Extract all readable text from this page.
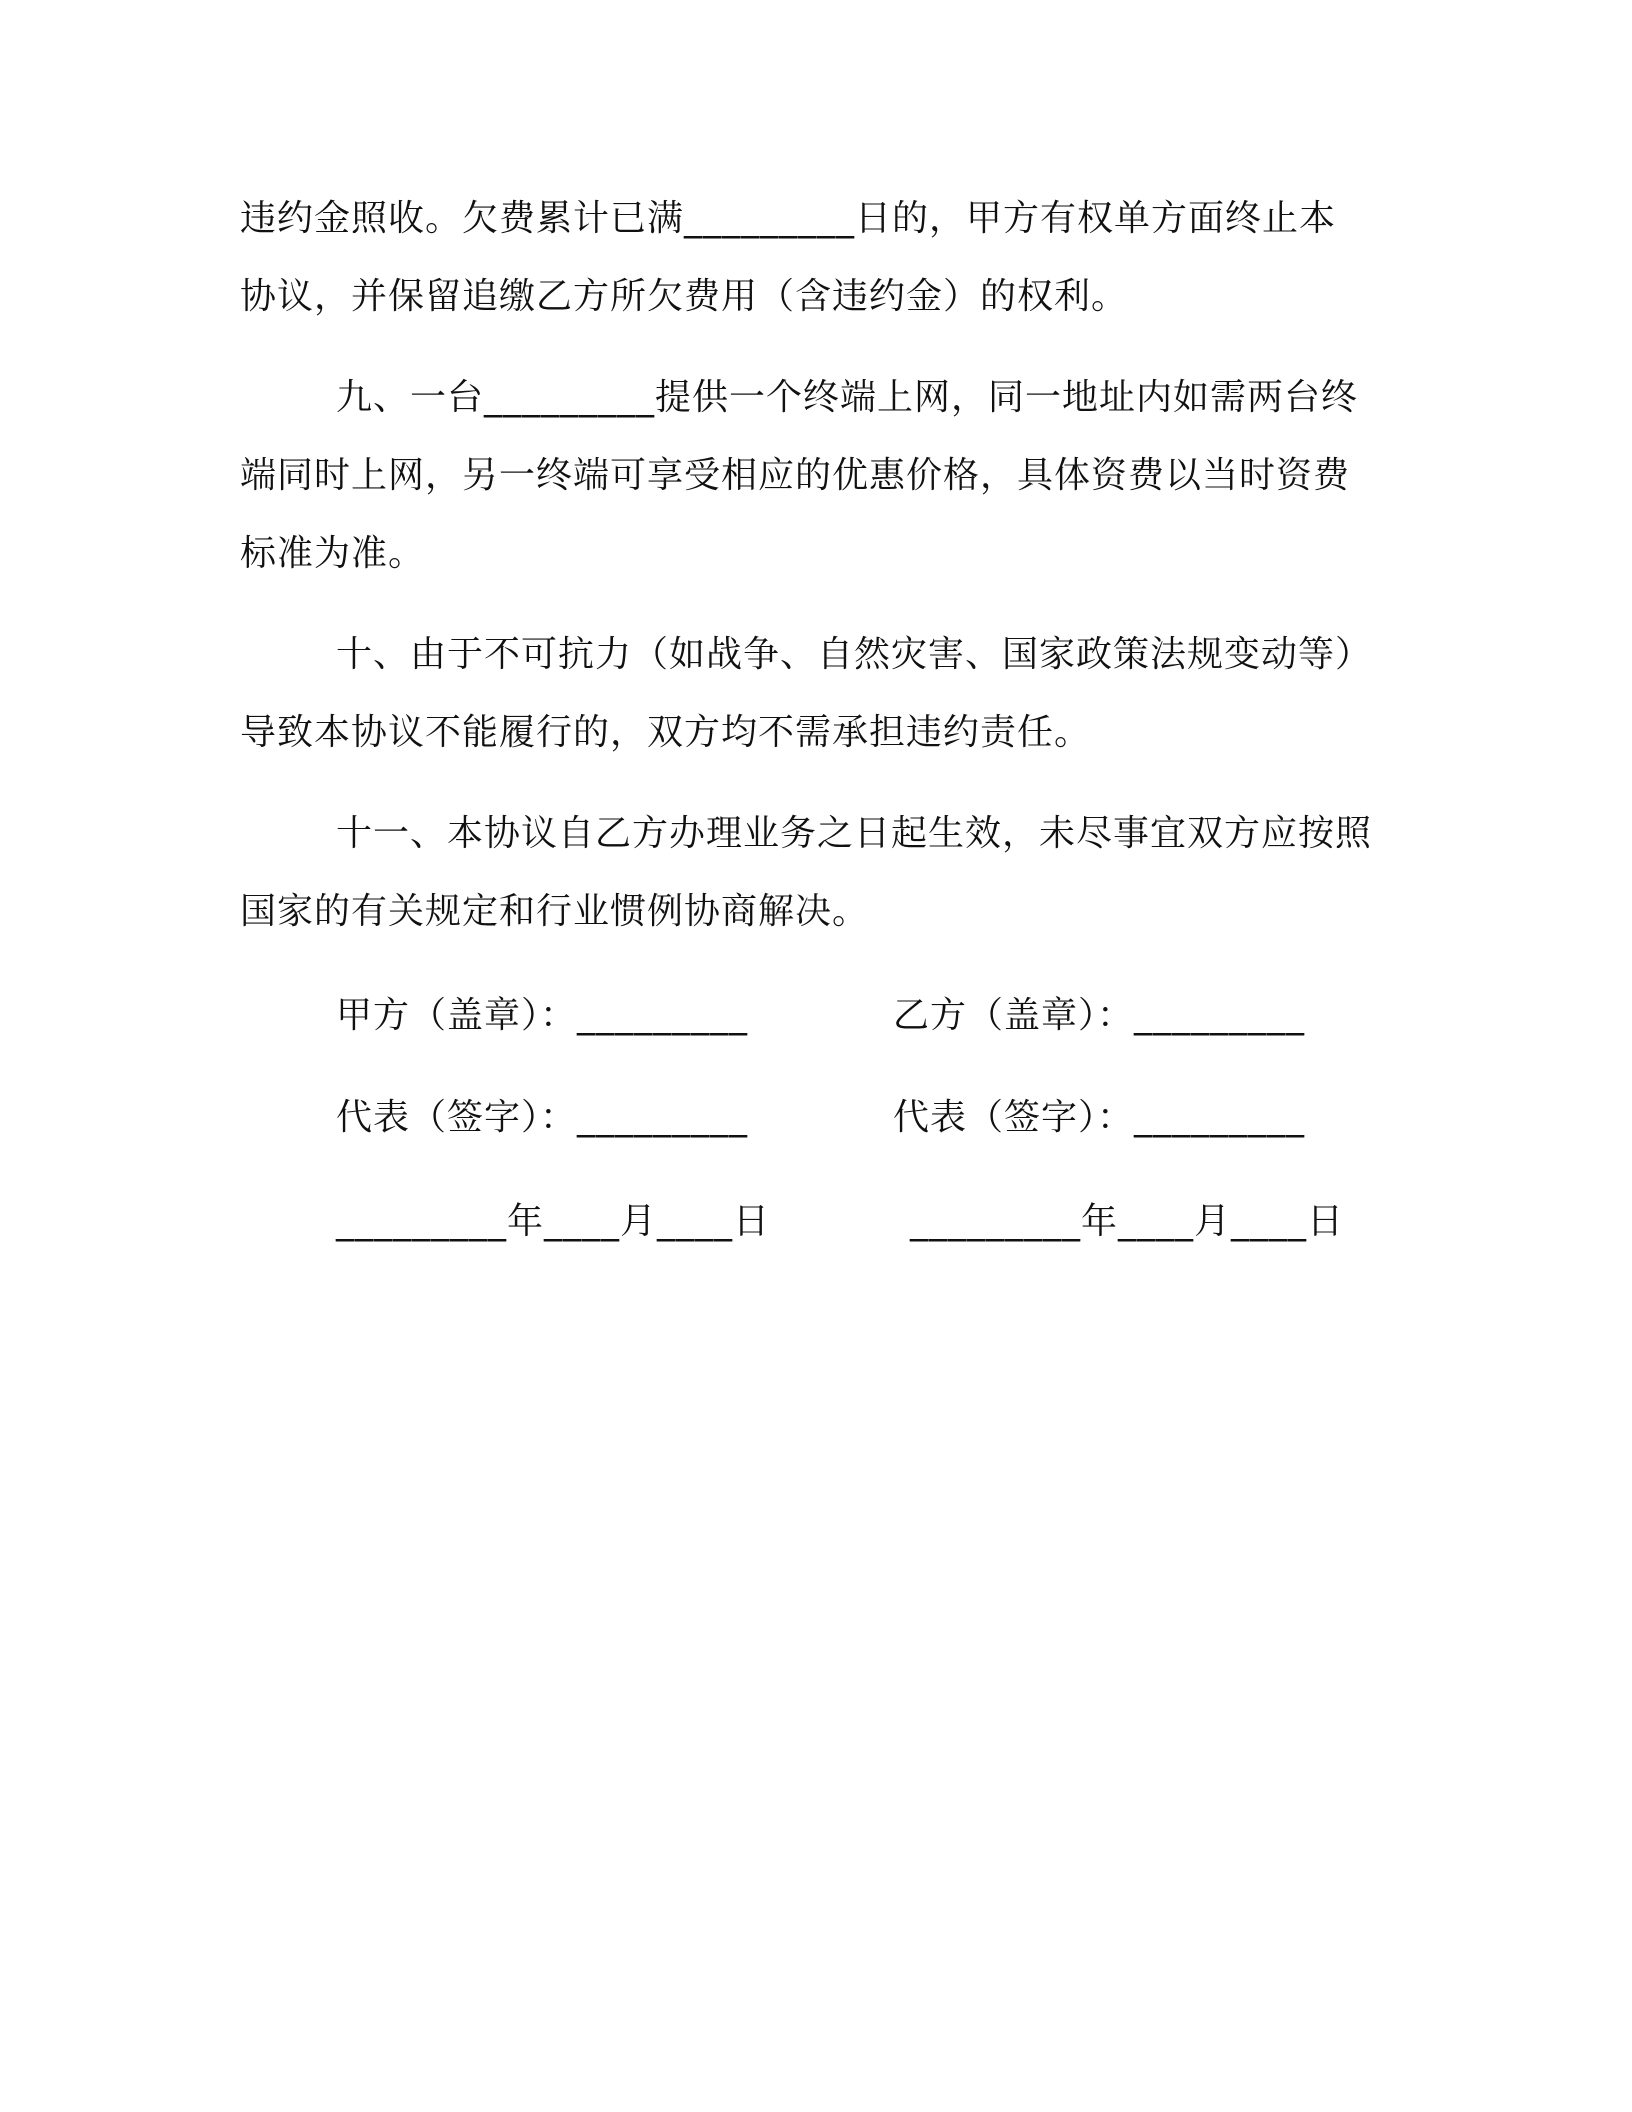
违约金照收。欠费累计已满_________日的，甲方有权单方面终止本
协议，并保留追缴乙方所欠费用（含违约金）的权利。
九、一台_________提供一个终端上网，同一地址内如需两台终
端同时上网，另一终端可享受相应的优惠价格，具体资费以当时资费
标准为准。
十、由于不可抗力（如战争、自然灾害、国家政策法规变动等）
导致本协议不能履行的，双方均不需承担违约责任。
十一、本协议自乙方办理业务之日起生效，未尽事宜双方应按照
国家的有关规定和行业惯例协商解决。
甲方（盖章）：_________	乙方（盖章）：_________
代表（签字）：_________	代表（签字）：_________
_________年____月____日	_________年____月____日
